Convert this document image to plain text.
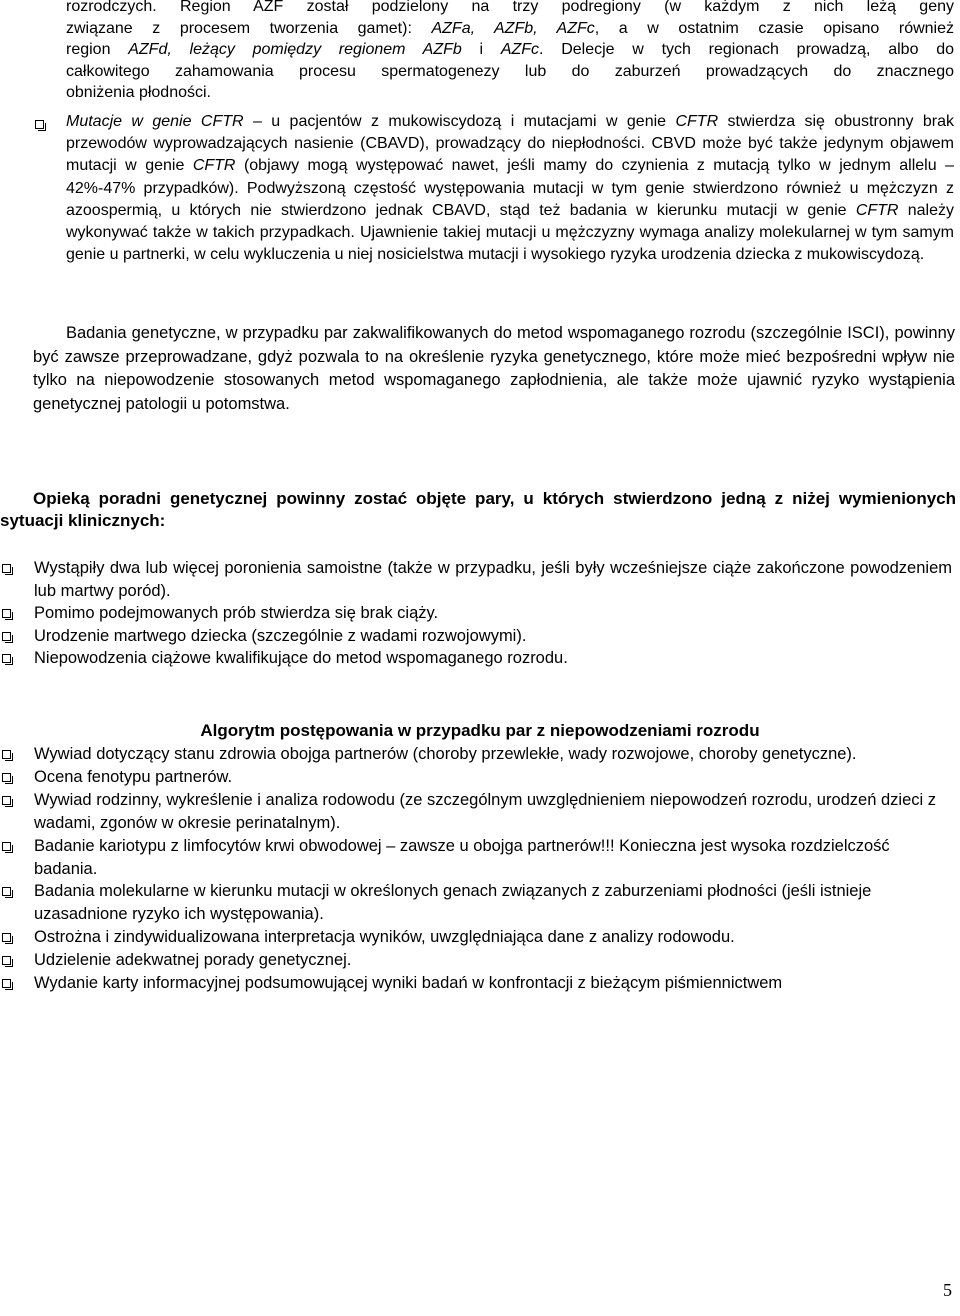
rozrodczych. Region AZF został podzielony na trzy podregiony (w każdym z nich leżą geny
związane z procesem tworzenia gamet): AZFa, AZFb, AZFc, a w ostatnim czasie opisano również
region AZFd, leżący pomiędzy regionem AZFb i AZFc. Delecje w tych regionach prowadzą, albo do
całkowitego zahamowania procesu spermatogenezy lub do zaburzeń prowadzących do znacznego
obniżenia płodności.
Mutacje w genie CFTR – u pacjentów z mukowiscydozą i mutacjami w genie CFTR stwierdza się obustronny brak przewodów wyprowadzających nasienie (CBAVD), prowadzący do niepłodności. CBVD może być także jedynym objawem mutacji w genie CFTR (objawy mogą występować nawet, jeśli mamy do czynienia z mutacją tylko w jednym allelu – 42%-47% przypadków). Podwyższoną częstość występowania mutacji w tym genie stwierdzono również u mężczyzn z azoospermią, u których nie stwierdzono jednak CBAVD, stąd też badania w kierunku mutacji w genie CFTR należy wykonywać także w takich przypadkach. Ujawnienie takiej mutacji u mężczyzny wymaga analizy molekularnej w tym samym genie u partnerki, w celu wykluczenia u niej nosicielstwa mutacji i wysokiego ryzyka urodzenia dziecka z mukowiscydozą.

Badania genetyczne, w przypadku par zakwalifikowanych do metod wspomaganego rozrodu (szczególnie ISCI), powinny być zawsze przeprowadzane, gdyż pozwala to na określenie ryzyka genetycznego, które może mieć bezpośredni wpływ nie tylko na niepowodzenie stosowanych metod wspomaganego zapłodnienia, ale także może ujawnić ryzyko wystąpienia genetycznej patologii u potomstwa.

Opieką poradni genetycznej powinny zostać objęte pary, u których stwierdzono jedną z niżej wymienionych sytuacji klinicznych:

Wystąpiły dwa lub więcej poronienia samoistne (także w przypadku, jeśli były wcześniejsze ciąże zakończone powodzeniem lub martwy poród).
Pomimo podejmowanych prób stwierdza się brak ciąży.
Urodzenie martwego dziecka (szczególnie z wadami rozwojowymi).
Niepowodzenia ciążowe kwalifikujące do metod wspomaganego rozrodu.
Algorytm postępowania w przypadku par z niepowodzeniami rozrodu
Wywiad dotyczący stanu zdrowia obojga partnerów (choroby przewlekłe, wady rozwojowe, choroby genetyczne).
Ocena fenotypu partnerów.
Wywiad rodzinny, wykreślenie i analiza rodowodu (ze szczególnym uwzględnieniem niepowodzeń rozrodu, urodzeń dzieci z wadami, zgonów w okresie perinatalnym).
Badanie kariotypu z limfocytów krwi obwodowej – zawsze u obojga partnerów!!! Konieczna jest wysoka rozdzielczość badania.
Badania molekularne w kierunku mutacji w określonych genach związanych z zaburzeniami płodności (jeśli istnieje uzasadnione ryzyko ich występowania).
Ostrożna i zindywidualizowana interpretacja wyników, uwzględniająca dane z analizy rodowodu.
Udzielenie adekwatnej porady genetycznej.
Wydanie karty informacyjnej podsumowującej wyniki badań w konfrontacji z bieżącym piśmiennictwem
5
